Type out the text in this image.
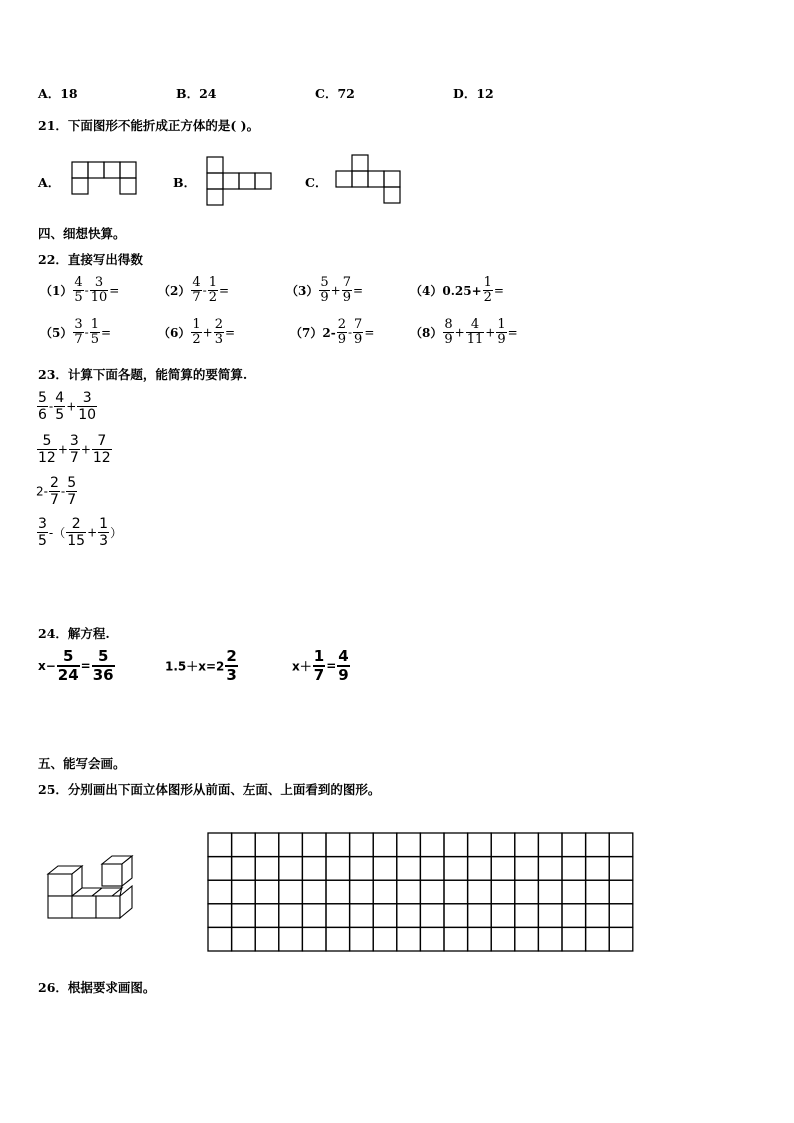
A．18	B．24	C．72	D．12
21．下面图形不能折成正方体的是( )。
A．	B．	C．
四、细想快算。
22．直接写出得数
$(1) \frac{4}{5} - \frac{3}{10}$ =	$(2) \frac{4}{7} - \frac{1}{2}$ =	$(3) \frac{5}{9} + \frac{7}{9}$ =	$(4)0.25+ \frac{1}{2}$ =
$(5) \frac{3}{7} - \frac{1}{5}$ =	$(6) \frac{1}{2} + \frac{2}{3}$ =	$(7)2- \frac{2}{9} - \frac{7}{9}$ =	$(8) \frac{8}{9} + \frac{4}{11} + \frac{1}{9}$ =
23．计算下面各题，能简算的要简算.
$\frac{5}{6} - \frac{4}{5} + \frac{3}{10}$
$\frac{5}{12} + \frac{3}{7} + \frac{7}{12}$
$2- \frac{2}{7} - \frac{5}{7}$
$\frac{3}{5}$ -（ $\frac{2}{15} + \frac{1}{3}$ ）
24．解方程.
$x- \frac{5}{24} = \frac{5}{36}$	$1.5+x=2 \frac{2}{3}$	$x+ \frac{1}{7} = \frac{4}{9}$
五、能写会画。
25．分别画出下面立体图形从前面、左面、上面看到的图形。
26．根据要求画图。
